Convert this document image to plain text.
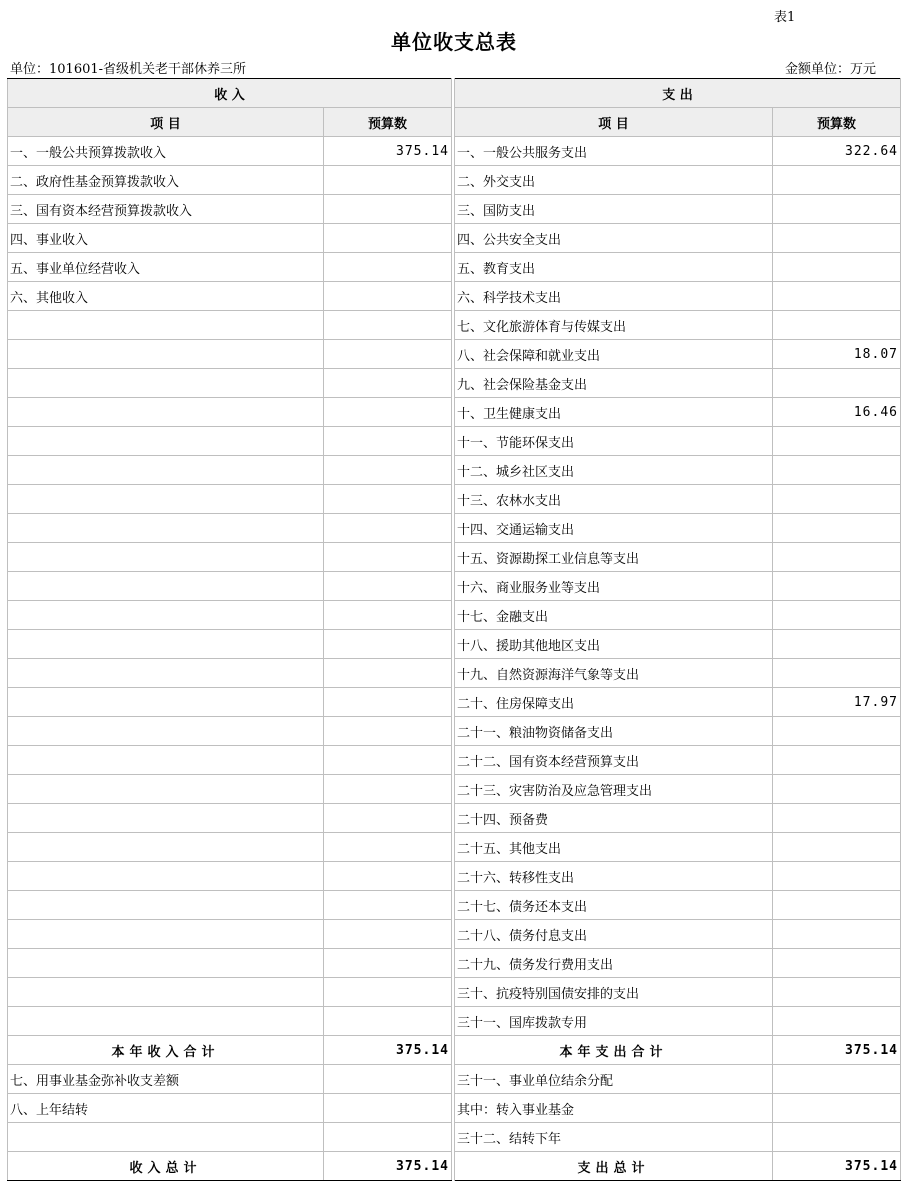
表1
单位收支总表
单位：101601-省级机关老干部休养三所	金额单位：万元
收 入			支 出	
项 目	预算数		项 目	预算数
一、一般公共预算拨款收入	375.14		一、一般公共服务支出	322.64
二、政府性基金预算拨款收入			二、外交支出	
三、国有资本经营预算拨款收入			三、国防支出	
四、事业收入			四、公共安全支出	
五、事业单位经营收入			五、教育支出	
六、其他收入			六、科学技术支出	
			七、文化旅游体育与传媒支出	
			八、社会保障和就业支出	18.07
			九、社会保险基金支出	
			十、卫生健康支出	16.46
			十一、节能环保支出	
			十二、城乡社区支出	
			十三、农林水支出	
			十四、交通运输支出	
			十五、资源勘探工业信息等支出	
			十六、商业服务业等支出	
			十七、金融支出	
			十八、援助其他地区支出	
			十九、自然资源海洋气象等支出	
			二十、住房保障支出	17.97
			二十一、粮油物资储备支出	
			二十二、国有资本经营预算支出	
			二十三、灾害防治及应急管理支出	
			二十四、预备费	
			二十五、其他支出	
			二十六、转移性支出	
			二十七、债务还本支出	
			二十八、债务付息支出	
			二十九、债务发行费用支出	
			三十、抗疫特别国债安排的支出	
			三十一、国库拨款专用	
本年收入合计	375.14		本年支出合计	375.14
七、用事业基金弥补收支差额			三十一、事业单位结余分配	
八、上年结转			其中：转入事业基金	
			三十二、结转下年	
收入总计	375.14		支出总计	375.14
